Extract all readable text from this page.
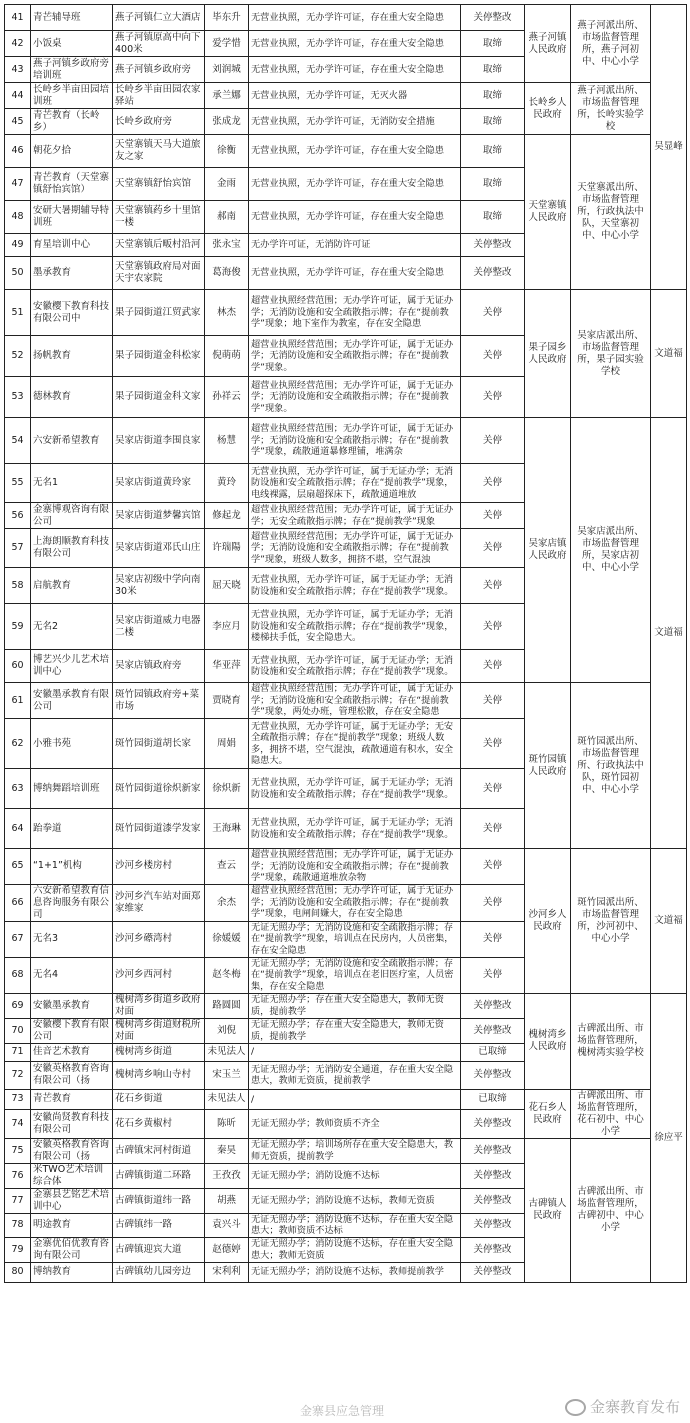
41	青芒辅导班	燕子河镇仁立大酒店	毕东升	无营业执照，无办学许可证，存在重大安全隐患	关停整改	燕子河镇人民政府	燕子河派出所、市场监督管理所，燕子河初中、中心小学	吴显峰
42	小饭桌	燕子河镇原高中向下400米	爱学惜	无营业执照，无办学许可证，存在重大安全隐患	取缔			
43	燕子河镇乡政府旁培训班	燕子河镇乡政府旁	刘润城	无营业执照，无办学许可证，存在重大安全隐患	取缔			
44	长岭乡半亩田园培训班	长岭乡半亩田园农家驿站	承兰娜	无营业执照，无办学许可证，无灭火器	取缔	长岭乡人民政府	燕子河派出所、市场监督管理所，长岭实验学校	
45	青芒教育（长岭乡）	长岭乡政府旁	张成龙	无营业执照，无办学许可证，无消防安全措施	取缔			
46	朝花夕拾	天堂寨镇天马大道旅友之家	徐衡	无营业执照，无办学许可证，存在重大安全隐患	取缔	天堂寨镇人民政府	天堂寨派出所、市场监督管理所，行政执法中队，天堂寨初中、中心小学	
47	青芒教育（天堂寨镇舒怡宾馆）	天堂寨镇舒怡宾馆	金雨	无营业执照，无办学许可证，存在重大安全隐患	取缔			
48	安研大暑期辅导特训班	天堂寨镇药乡十里馆一楼	郝南	无营业执照，无办学许可证，存在重大安全隐患	取缔			
49	育星培训中心	天堂寨镇后畈村沿河	张永宝	无办学许可证，无消防许可证	关停整改			
50	墨承教育	天堂寨镇政府局对面天宇农家院	葛海俊	无营业执照，无办学许可证，存在重大安全隐患	关停整改			
51	安徽樱下教育科技有限公司中	果子园街道江贸武家	林杰	超营业执照经营范围；无办学许可证，属于无证办学；无消防设施和安全疏散指示牌；存在“提前教学”现象；地下室作为教室，存在安全隐患	关停	果子园乡人民政府	吴家店派出所、市场监督管理所，果子园实验学校	文道福
52	扬帆教育	果子园街道金科松家	倪萌萌	超营业执照经营范围；无办学许可证，属于无证办学；无消防设施和安全疏散指示牌；存在“提前教学”现象。	关停			
53	德林教育	果子园街道金科文家	孙祥云	超营业执照经营范围；无办学许可证，属于无证办学；无消防设施和安全疏散指示牌；存在“提前教学”现象。	关停			
54	六安新希望教育	吴家店街道李围良家	杨慧	超营业执照经营范围；无办学许可证，属于无证办学；无消防设施和安全疏散指示牌；存在“提前教学”现象，疏散通道暴修理铺，堆满杂	关停	吴家店镇人民政府	吴家店派出所、市场监督管理所，吴家店初中、中心小学	文道福
55	无名1	吴家店街道黄玲家	黄玲	无营业执照，无办学许可证，属于无证办学；无消防设施和安全疏散指示牌；存在“提前教学”现象，电线裸露，层扇超探床下，疏散通道堆放	关停			
56	金寨博观咨询有限公司	吴家店街道梦馨宾馆	修起龙	超营业执照经营范围；无办学许可证，属于无证办学；无安全疏散指示牌；存在“提前教学”现象	关停			
57	上海朗顺教育科技有限公司	吴家店街道邓氏山庄	许瑞陽	超营业执照经营范围；无办学许可证，属于无证办学；无消防设施和安全疏散指示牌；存在“提前教学”现象，班级人数多，拥挤不堪，空气混浊	关停			
58	启航教育	吴家店初级中学向南30米	屈天晓	无营业执照，无办学许可证，属于无证办学；无消防设施和安全疏散指示牌；存在“提前教学”现象。	关停			
59	无名2	吴家店街道威力电器二楼	李应月	无营业执照，无办学许可证，属于无证办学；无消防设施和安全疏散指示牌；存在“提前教学”现象，楼梯扶手低，安全隐患大。	关停			
60	博艺兴少儿艺术培训中心	吴家店镇政府旁	华亚萍	无营业执照，无办学许可证，属于无证办学；无消防设施和安全疏散指示牌；存在“提前教学”现象。	关停			
61	安徽墨承教育有限公司	斑竹园镇政府旁+菜市场	贾晓育	超营业执照经营范围；无办学许可证，属于无证办学；无消防设施和安全疏散指示牌；存在“提前教学”现象，两处办班，管理松散，存在安全隐患	关停	斑竹园镇人民政府	斑竹园派出所、市场监督管理所、行政执法中队，斑竹园初中、中心小学	
62	小雅书苑	斑竹园街道胡长家	周娟	无营业执照，无办学许可证，属于无证办学；无安全疏散指示牌；存在“提前教学”现象；班级人数多，拥挤不堪，空气混浊，疏散通道有积水，安全隐患大。	关停			
63	博纳舞蹈培训班	斑竹园街道徐炽新家	徐炽新	无营业执照，无办学许可证，属于无证办学；无消防设施和安全疏散指示牌；存在“提前教学”现象。	关停			
64	跆拳道	斑竹园街道漆学发家	王海琳	无营业执照，无办学许可证，属于无证办学；无消防设施和安全疏散指示牌；存在“提前教学”现象。	关停			
65	“1+1”机构	沙河乡楼房村	查云	超营业执照经营范围；无办学许可证，属于无证办学；无消防设施和安全疏散指示牌；存在“提前教学”现象，疏散通道堆放杂物	关停	沙河乡人民政府	斑竹园派出所、市场监督管理所，沙河初中、中心小学	文道福
66	六安新希望教育信息咨询服务有限公司	沙河乡汽车站对面郑家维家	余杰	超营业执照经营范围；无办学许可证，属于无证办学；无消防设施和安全疏散指示牌；存在“提前教学”现象，电闸间嫌大，存在安全隐患	关停			
67	无名3	沙河乡礤湾村	徐媛媛	无证无照办学；无消防设施和安全疏散指示牌；存在“提前教学”现象，培训点在民房内，人员密集，存在安全隐患	关停			
68	无名4	沙河乡西河村	赵冬梅	无证无照办学；无消防设施和安全疏散指示牌；存在“提前教学”现象，培训点在老旧医疗室，人员密集，存在安全隐患	关停			
69	安徽墨承教育	槐树湾乡街道乡政府对面	路圆圆	无证无照办学；存在重大安全隐患大，教师无资质，提前教学	关停整改	槐树湾乡人民政府	古碑派出所、市场监督管理所，槐树湾实验学校	徐应平
70	安徽樱下教育有限公司	槐树湾乡街道财税所对面	刘倪	无证无照办学；存在重大安全隐患大，教师无资质，提前教学	关停整改			
71	佳音艺术教育	槐树湾乡街道	未见法人	/	已取缔			
72	安徽英格教育咨询有限公司（扬	槐树湾乡响山寺村	宋玉兰	无证无照办学；无消防安全通道，存在重大安全隐患大，教师无资质，提前教学	关停整改			
73	青芒教育	花石乡街道	未见法人	/	已取缔	花石乡人民政府	古碑派出所、市场监督管理所，花石初中、中心小学	
74	安徽尚贤教育科技有限公司	花石乡黄椒村	陈昕	无证无照办学；教师资质不齐全	关停整改			
75	安徽英格教育咨询有限公司（扬	古碑镇宋河村街道	秦昊	无证无照办学；培训场所存在重大安全隐患大，教师无资质，提前教学	关停整改	古碑镇人民政府	古碑派出所、市场监督管理所，古碑初中、中心小学	
76	米TWO艺术培训综合体	古碑镇街道二环路	王孜孜	无证无照办学；消防设施不达标	关停整改			
77	金寨县艺铭艺术培训中心	古碑镇街道纬一路	胡燕	无证无照办学；消防设施不达标，教师无资质	关停整改			
78	明途教育	古碑镇纬一路	袁兴斗	无证无照办学；消防设施不达标，存在重大安全隐患大；教师资质不达标	关停整改			
79	金寨优佰优教育咨询有限公司	古碑镇迎宾大道	赵德婷	无证无照办学；消防设施不达标，存在重大安全隐患大；教师无资质	关停整改			
80	博纳教育	古碑镇幼儿园旁边	宋利利	无证无照办学；消防设施不达标，教师提前教学	关停整改			
金寨教育发布
金寨县应急管理
